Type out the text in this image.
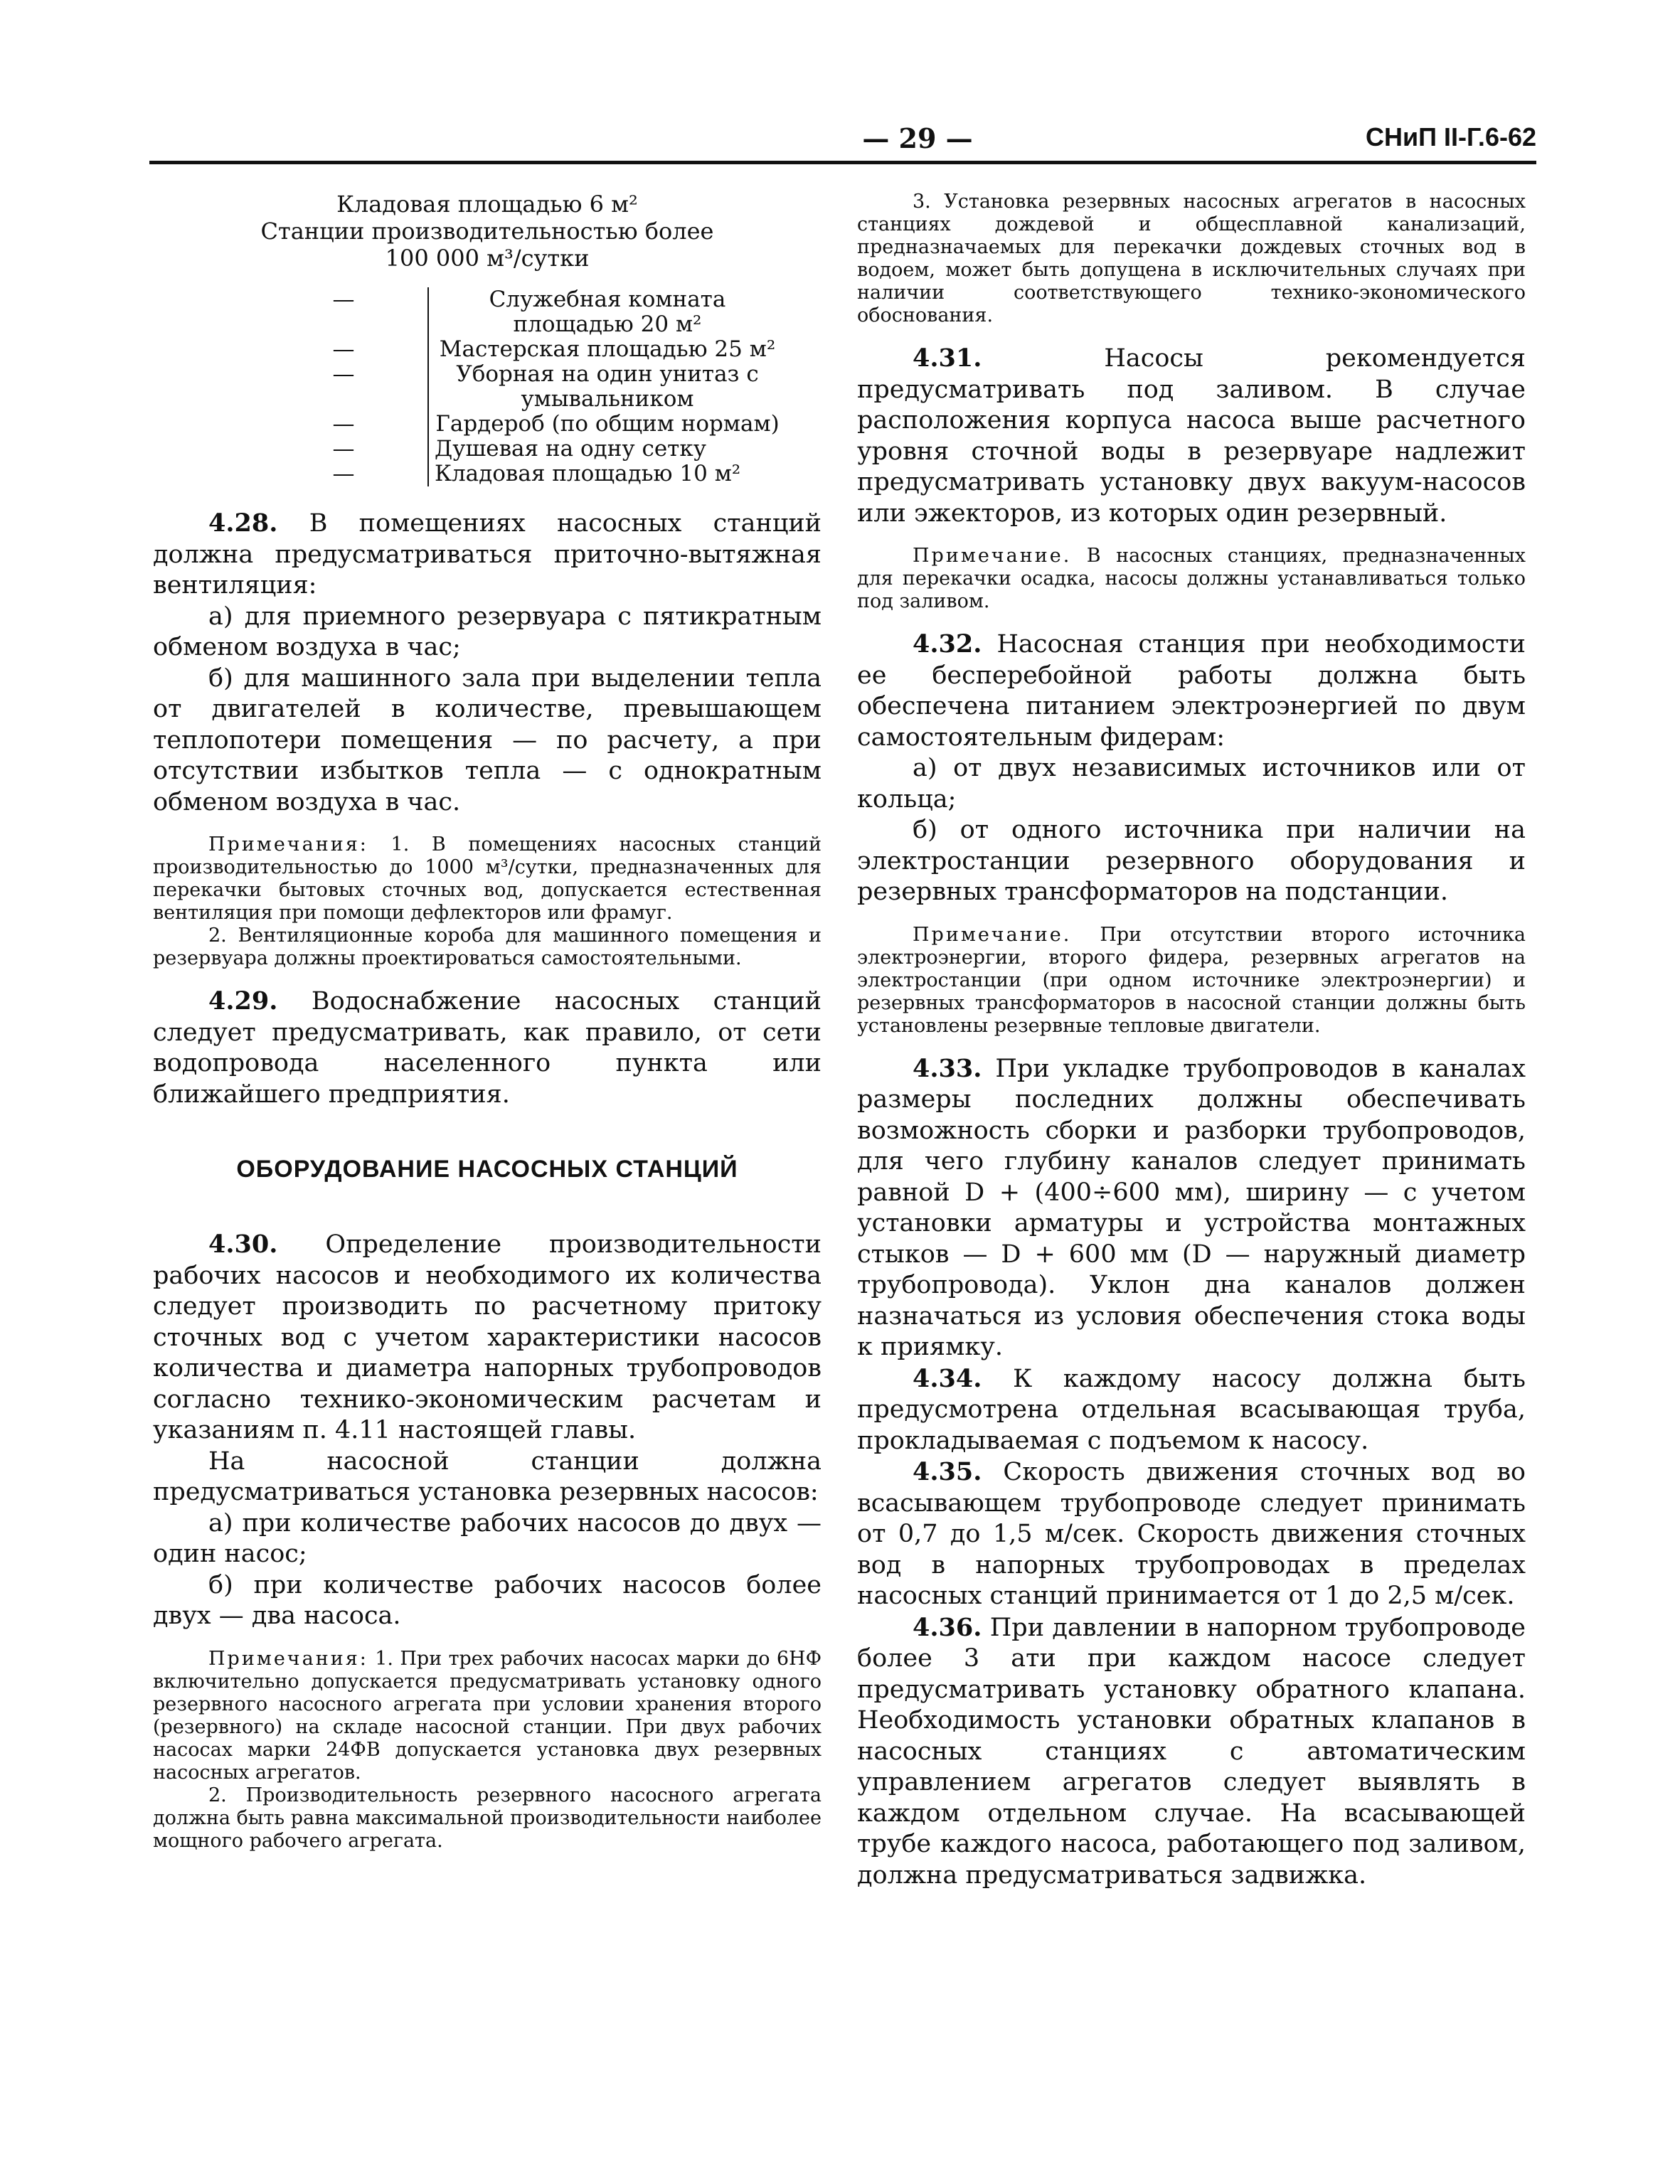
— 29 —	СНиП II-Г.6-62
Кладовая площадью 6 м²
Станции производительностью более
100 000 м³/сутки
—	Служебная комната площадью 20 м²
—	Мастерская площадью 25 м²
—	Уборная на один унитаз с умывальником
—	Гардероб (по общим нормам)
—	Душевая на одну сетку
—	Кладовая площадью 10 м²

4.28. В помещениях насосных станций должна предусматриваться приточно-вытяжная вентиляция:

а) для приемного резервуара с пятикратным обменом воздуха в час;

б) для машинного зала при выделении тепла от двигателей в количестве, превышающем теплопотери помещения — по расчету, а при отсутствии избытков тепла — с однократным обменом воздуха в час.

Примечания: 1. В помещениях насосных станций производительностью до 1000 м³/сутки, предназначенных для перекачки бытовых сточных вод, допускается естественная вентиляция при помощи дефлекторов или фрамуг.

2. Вентиляционные короба для машинного помещения и резервуара должны проектироваться самостоятельными.

4.29. Водоснабжение насосных станций следует предусматривать, как правило, от сети водопровода населенного пункта или ближайшего предприятия.

ОБОРУДОВАНИЕ НАСОСНЫХ СТАНЦИЙ

4.30. Определение производительности рабочих насосов и необходимого их количества следует производить по расчетному притоку сточных вод с учетом характеристики насосов количества и диаметра напорных трубопроводов согласно технико-экономическим расчетам и указаниям п. 4.11 настоящей главы.

На насосной станции должна предусматриваться установка резервных насосов:

а) при количестве рабочих насосов до двух — один насос;

б) при количестве рабочих насосов более двух — два насоса.

Примечания: 1. При трех рабочих насосах марки до 6НФ включительно допускается предусматривать установку одного резервного насосного агрегата при условии хранения второго (резервного) на складе насосной станции. При двух рабочих насосах марки 24ФВ допускается установка двух резервных насосных агрегатов.

2. Производительность резервного насосного агрегата должна быть равна максимальной производительности наиболее мощного рабочего агрегата.

3. Установка резервных насосных агрегатов в насосных станциях дождевой и общесплавной канализаций, предназначаемых для перекачки дождевых сточных вод в водоем, может быть допущена в исключительных случаях при наличии соответствующего технико-экономического обоснования.

4.31.	Насосы рекомендуется предусматривать под заливом. В случае расположения корпуса насоса выше расчетного уровня сточной воды в резервуаре надлежит предусматривать установку двух вакуум-насосов или эжекторов, из которых один резервный.

Примечание. В насосных станциях, предназначенных для перекачки осадка, насосы должны устанавливаться только под заливом.

4.32. Насосная станция при необходимости ее бесперебойной работы должна быть обеспечена питанием электроэнергией по двум самостоятельным фидерам:

а) от двух независимых источников или от кольца;

б) от одного источника при наличии на электростанции резервного оборудования и резервных трансформаторов на подстанции.

Примечание. При отсутствии второго источника электроэнергии, второго фидера, резервных агрегатов на электростанции (при одном источнике электроэнергии) и резервных трансформаторов в насосной станции должны быть установлены резервные тепловые двигатели.

4.33. При укладке трубопроводов в каналах размеры последних должны обеспечивать возможность сборки и разборки трубопроводов, для чего глубину каналов следует принимать равной D + (400÷600 мм), ширину — с учетом установки арматуры и устройства монтажных стыков — D + 600 мм (D — наружный диаметр трубопровода). Уклон дна каналов должен назначаться из условия обеспечения стока воды к приямку.

4.34. К каждому насосу должна быть предусмотрена отдельная всасывающая труба, прокладываемая с подъемом к насосу.

4.35. Скорость движения сточных вод во всасывающем трубопроводе следует принимать от 0,7 до 1,5 м/сек. Скорость движения сточных вод в напорных трубопроводах в пределах насосных станций принимается от 1 до 2,5 м/сек.

4.36. При давлении в напорном трубопроводе более 3 ати при каждом насосе следует предусматривать установку обратного клапана. Необходимость установки обратных клапанов в насосных станциях с автоматическим управлением агрегатов следует выявлять в каждом отдельном случае. На всасывающей трубе каждого насоса, работающего под заливом, должна предусматриваться задвижка.
